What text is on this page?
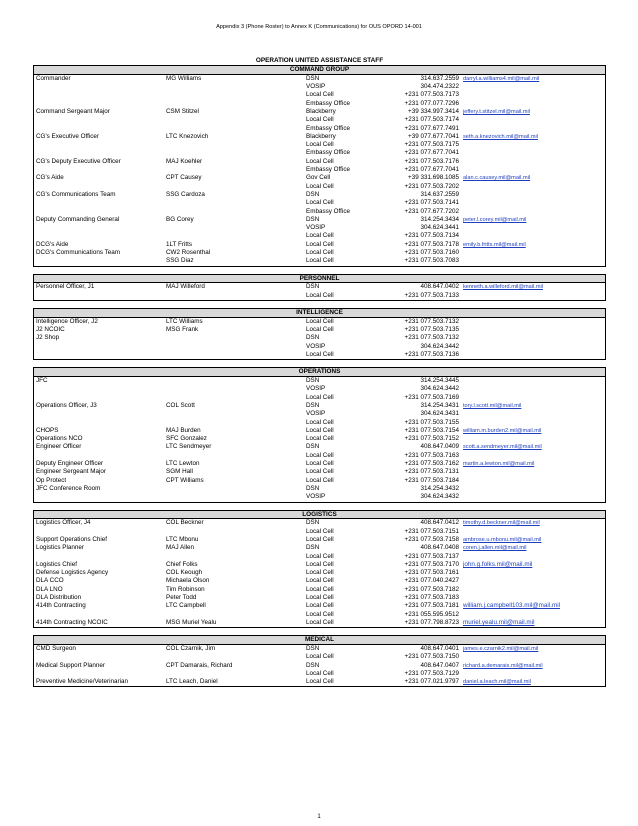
Appendix 3 (Phone Roster) to Annex K (Communications) for OUS OPORD 14-001
OPERATION UNITED ASSISTANCE STAFF
COMMAND GROUP
Commander	MG Williams	DSN	314.637.2559 darryl.a.williams4.mil@mail.mil
VOSIP	304.474.2322
Local Cell	+231 077.503.7173
Embassy Office	+231 077.077.7296
Command Sergeant Major	CSM Stitzel	Blackberry	+39 334.997.3414 jeffery.t.stitzel.mil@mail.mil
Local Cell	+231 077.503.7174
Embassy Office	+231 077.677.7491
CG's Executive Officer	LTC Knezovich	Blackberry	+39 077.677.7041 seth.a.knezovich.mil@mail.mil
Local Cell	+231 077.503.7175
Embassy Office	+231 077.677.7041
CG's Deputy Executive Officer	MAJ Koehler	Local Cell	+231 077.503.7176
Embassy Office	+231 077.677.7041
CG's Aide	CPT Causey	Gov Cell	+39 331.698.1085 alan.c.causey.mil@mail.mil
Local Cell	+231 077.503.7202
CG's Communications Team	SSG Cardoza	DSN	314.637.2559
Local Cell	+231 077.503.7141
Embassy Office	+231 077.677.7202
Deputy Commanding General	BG Corey	DSN	314.254.3434 peter.l.corey.mil@mail.mil
VOSIP	304.624.3441
Local Cell	+231 077.503.7134
DCG's Aide	1LT Fritts	Local Cell	+231 077.503.7178 emily.b.fritts.mil@mail.mil
DCG's Communications Team	CW2 Rosenthal	Local Cell	+231 077.503.7160
SSG Diaz	Local Cell	+231 077.503.7083
PERSONNEL
Personnel Officer, J1	MAJ Willeford	DSN	408.647.0402 kenneth.a.willeford.mil@mail.mil
Local Cell	+231 077.503.7133
INTELLIGENCE
Intelligence Officer, J2	LTC Williams	Local Cell	+231 077.503.7132
J2 NCOIC	MSG Frank	Local Cell	+231 077.503.7135
J2 Shop	DSN	+231 077.503.7132
VOSIP	304.624.3442
Local Cell	+231 077.503.7136
OPERATIONS
JFC	DSN	314.254.3445
VOSIP	304.624.3442
Local Cell	+231 077.503.7169
Operations Officer, J3	COL Scott	DSN	314.254.3431 tory.l.scott.mil@mail.mil
VOSIP	304.624.3431
Local Cell	+231 077.503.7155
CHOPS	MAJ Burden	Local Cell	+231 077.503.7154 william.m.burden2.mil@mail.mil
Operations NCO	SFC Gonzalez	Local Cell	+231 077.503.7152
Engineer Officer	LTC Sendmeyer	DSN	408.647.0409 scott.a.sendmeyer.mil@mail.mil
Local Cell	+231 077.503.7163
Deputy Engineer Officer	LTC Lewton	Local Cell	+231 077.503.7162 martin.a.lewton.mil@mail.mil
Engineer Sergeant Major	SGM Hall	Local Cell	+231 077.503.7131
Op Protect	CPT Williams	Local Cell	+231 077.503.7184
JFC Conference Room	DSN	314.254.3432
VOSIP	304.624.3432
LOGISTICS
Logistics Officer, J4	COL Beckner	DSN	408.647.0412 timothy.d.beckner.mil@mail.mil
Local Cell	+231 077.503.7151
Support Operations Chief	LTC Mbonu	Local Cell	+231 077.503.7158 ambrose.u.mbonu.mil@mail.mil
Logistics Planner	MAJ Allen	DSN	408.647.0408 coren.j.allen.mil@mail.mil
Local Cell	+231 077.503.7137
Logistics Chief	Chief Folks	Local Cell	+231 077.503.7170 john.g.folks.mil@mail.mil
Defense Logistics Agency	COL Keough	Local Cell	+231 077.503.7161
DLA CCO	Michaela Olson	Local Cell	+231 077.040.2427
DLA LNO	Tim Robinson	Local Cell	+231 077.503.7182
DLA Distribution	Peter Todd	Local Cell	+231 077.503.7183
414th Contracting	LTC Campbell	Local Cell	+231 077.503.7181 william.j.campbell103.mil@mail.mil
Local Cell	+231 055.595.9512
414th Contracting NCOIC	MSG Muriel Yealu	Local Cell	+231 077.798.8723 muriel.yealu.mil@mail.mil
MEDICAL
CMD Surgeon	COL Czarnik, Jim	DSN	408.647.0401 james.e.czarnik2.mil@mail.mil
Local Cell	+231 077.503.7150
Medical Support Planner	CPT Damarais, Richard	DSN	408.647.0407 richard.a.demarais.mil@mail.mil
Local Cell	+231 077.503.7129
Preventive Medicine/Veterinarian	LTC Leach, Daniel	Local Cell	+231 077.021.9797 daniel.a.leach.mil@mail.mil
1
